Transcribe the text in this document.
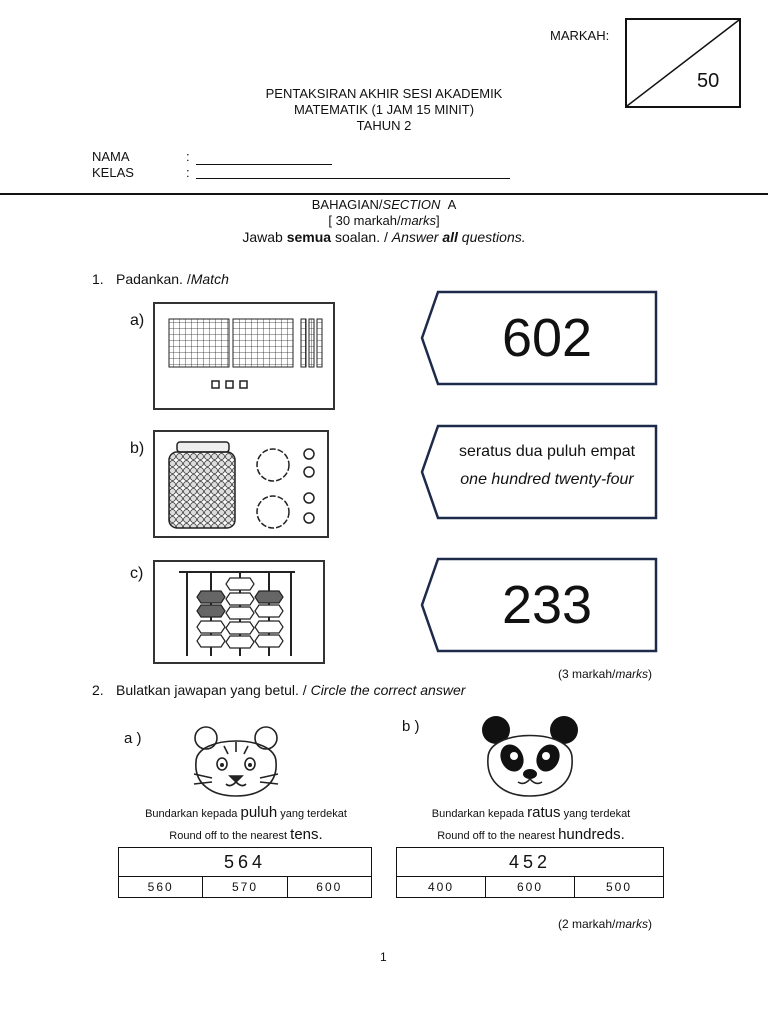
MARKAH:
50
PENTAKSIRAN AKHIR SESI AKADEMIK
MATEMATIK (1 JAM 15 MINIT)
TAHUN 2
NAMA	:
KELAS	:
BAHAGIAN/SECTION A
[ 30 markah/marks]
Jawab semua soalan. / Answer all questions.
1. Padankan. /Match
a)
b)
c)
602
seratus dua puluh empat
one hundred twenty-four
233
(3 markah/marks)
2. Bulatkan jawapan yang betul. / Circle the correct answer
a )
b )
Bundarkan kepada puluh yang terdekat
Round off to the nearest tens.
564
560	570	600
Bundarkan kepada ratus yang terdekat
Round off to the nearest hundreds.
452
400	600	500
(2 markah/marks)
1
